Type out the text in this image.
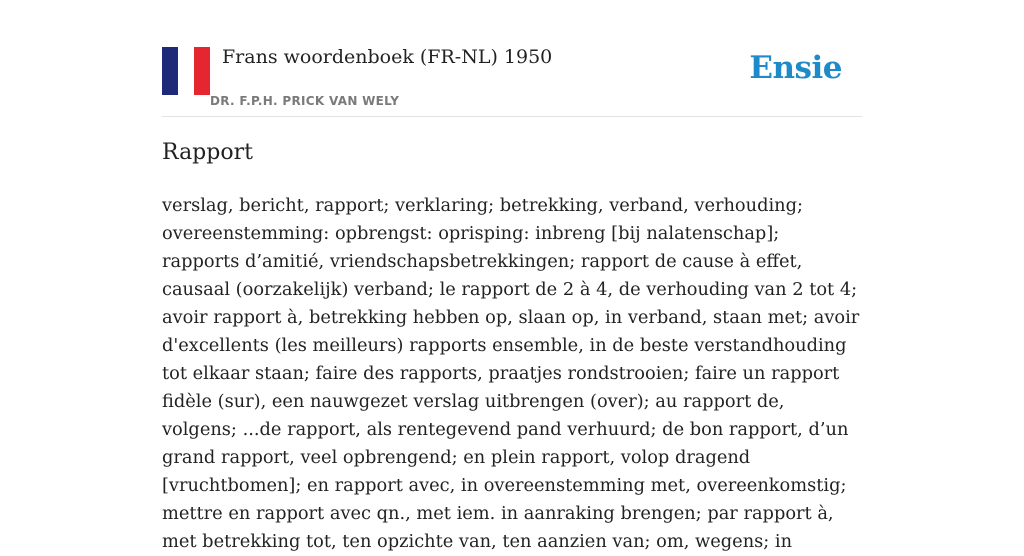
Frans woordenboek (FR-NL) 1950
DR. F.P.H. PRICK VAN WELY
Ensie
Rapport

verslag, bericht, rapport; verklaring; betrekking, verband, verhouding; overeenstemming: opbrengst: oprisping: inbreng [bij nalatenschap]; rapports d’amitié, vriendschapsbetrekkingen; rapport de cause à effet, causaal (oorzakelijk) verband; le rapport de 2 à 4, de verhouding van 2 tot 4; avoir rapport à, betrekking hebben op, slaan op, in verband, staan met; avoir d'excellents (les meilleurs) rapports ensemble, in de beste verstandhouding tot elkaar staan; faire des rapports, praatjes rondstrooien; faire un rapport fidèle (sur), een nauwgezet verslag uitbrengen (over); au rapport de, volgens; ...de rapport, als rentegevend pand verhuurd; de bon rapport, d’un grand rapport, veel opbrengend; en plein rapport, volop dragend [vruchtbomen]; en rapport avec, in overeenstemming met, overeenkomstig; mettre en rapport avec qn., met iem. in aanraking brengen; par rapport à, met betrekking tot, ten opzichte van, ten aanzien van; om, wegens; in
